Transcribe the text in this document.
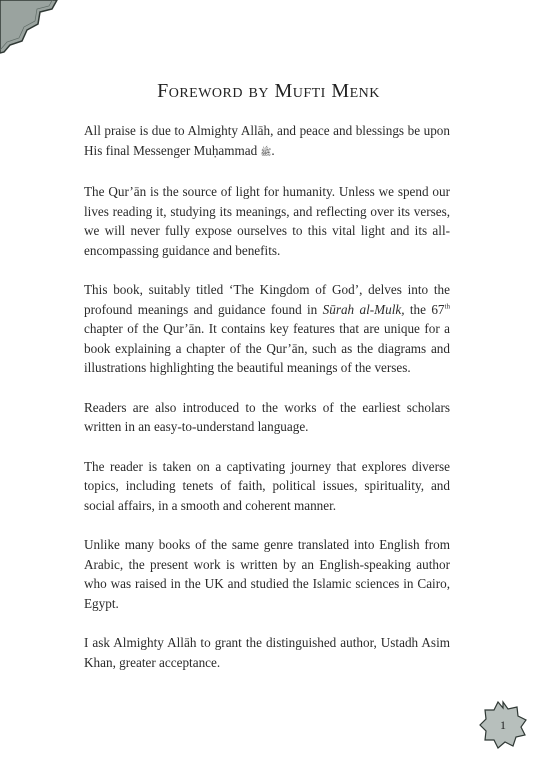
Foreword by Mufti Menk

All praise is due to Almighty Allāh, and peace and blessings be upon His final Messenger Muḥammad ﷺ.

The Qur’ān is the source of light for humanity. Unless we spend our lives reading it, studying its meanings, and reflecting over its verses, we will never fully expose ourselves to this vital light and its all-encompassing guidance and benefits.

This book, suitably titled ‘The Kingdom of God’, delves into the profound meanings and guidance found in Sūrah al-Mulk, the 67th chapter of the Qur’ān. It contains key features that are unique for a book explaining a chapter of the Qur’ān, such as the diagrams and illustrations highlighting the beautiful meanings of the verses.

Readers are also introduced to the works of the earliest scholars written in an easy-to-understand language.

The reader is taken on a captivating journey that explores diverse topics, including tenets of faith, political issues, spirituality, and social affairs, in a smooth and coherent manner.

Unlike many books of the same genre translated into English from Arabic, the present work is written by an English-speaking author who was raised in the UK and studied the Islamic sciences in Cairo, Egypt.

I ask Almighty Allāh to grant the distinguished author, Ustadh Asim Khan, greater acceptance.

1
